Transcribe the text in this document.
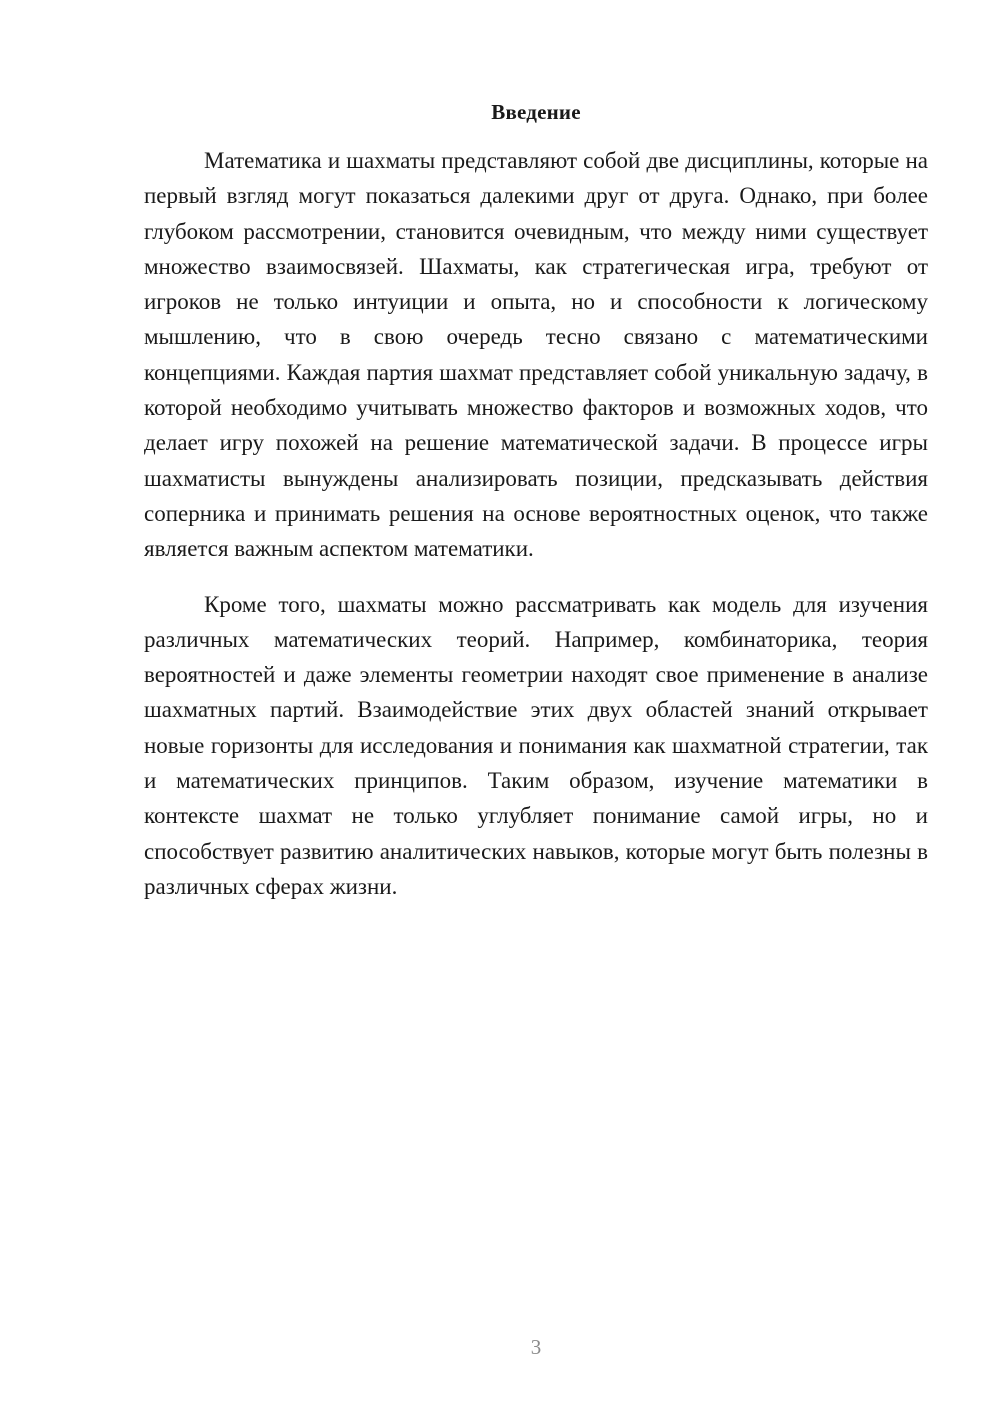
Введение

Математика и шахматы представляют собой две дисциплины, которые на первый взгляд могут показаться далекими друг от друга. Однако, при более глубоком рассмотрении, становится очевидным, что между ними существует множество взаимосвязей. Шахматы, как стратегическая игра, требуют от игроков не только интуиции и опыта, но и способности к логическому мышлению, что в свою очередь тесно связано с математическими концепциями. Каждая партия шахмат представляет собой уникальную задачу, в которой необходимо учитывать множество факторов и возможных ходов, что делает игру похожей на решение математической задачи. В процессе игры шахматисты вынуждены анализировать позиции, предсказывать действия соперника и принимать решения на основе вероятностных оценок, что также является важным аспектом математики.

Кроме того, шахматы можно рассматривать как модель для изучения различных математических теорий. Например, комбинаторика, теория вероятностей и даже элементы геометрии находят свое применение в анализе шахматных партий. Взаимодействие этих двух областей знаний открывает новые горизонты для исследования и понимания как шахматной стратегии, так и математических принципов. Таким образом, изучение математики в контексте шахмат не только углубляет понимание самой игры, но и способствует развитию аналитических навыков, которые могут быть полезны в различных сферах жизни.

3
